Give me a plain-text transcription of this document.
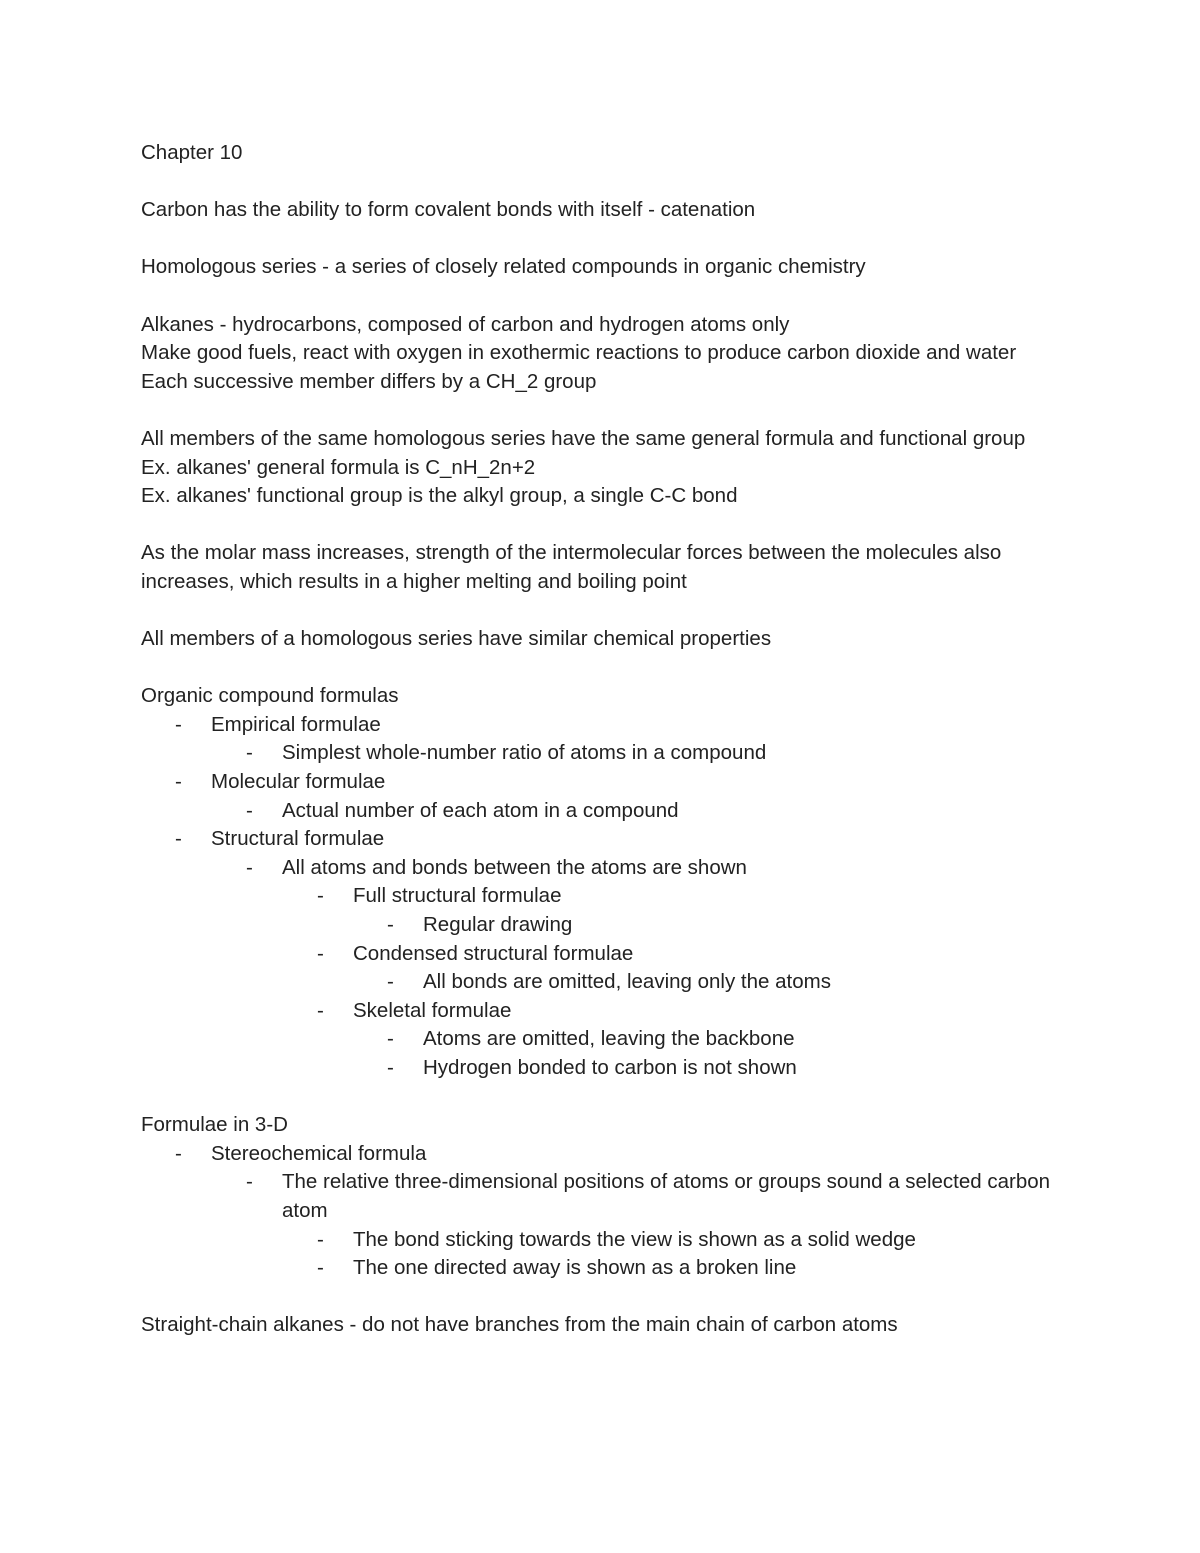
Chapter 10

Carbon has the ability to form covalent bonds with itself - catenation

Homologous series - a series of closely related compounds in organic chemistry

Alkanes - hydrocarbons, composed of carbon and hydrogen atoms only

Make good fuels, react with oxygen in exothermic reactions to produce carbon dioxide and water

Each successive member differs by a CH_2 group

All members of the same homologous series have the same general formula and functional group

Ex. alkanes' general formula is C_nH_2n+2

Ex. alkanes' functional group is the alkyl group, a single C-C bond

As the molar mass increases, strength of the intermolecular forces between the molecules also increases, which results in a higher melting and boiling point

All members of a homologous series have similar chemical properties

Organic compound formulas

-	Empirical formulae
-	Simplest whole-number ratio of atoms in a compound
-	Molecular formulae
-	Actual number of each atom in a compound
-	Structural formulae
-	All atoms and bonds between the atoms are shown
-	Full structural formulae
-	Regular drawing
-	Condensed structural formulae
-	All bonds are omitted, leaving only the atoms
-	Skeletal formulae
-	Atoms are omitted, leaving the backbone
-	Hydrogen bonded to carbon is not shown

Formulae in 3-D

-	Stereochemical formula
-	The relative three-dimensional positions of atoms or groups sound a selected carbon atom
-	The bond sticking towards the view is shown as a solid wedge
-	The one directed away is shown as a broken line

Straight-chain alkanes - do not have branches from the main chain of carbon atoms
